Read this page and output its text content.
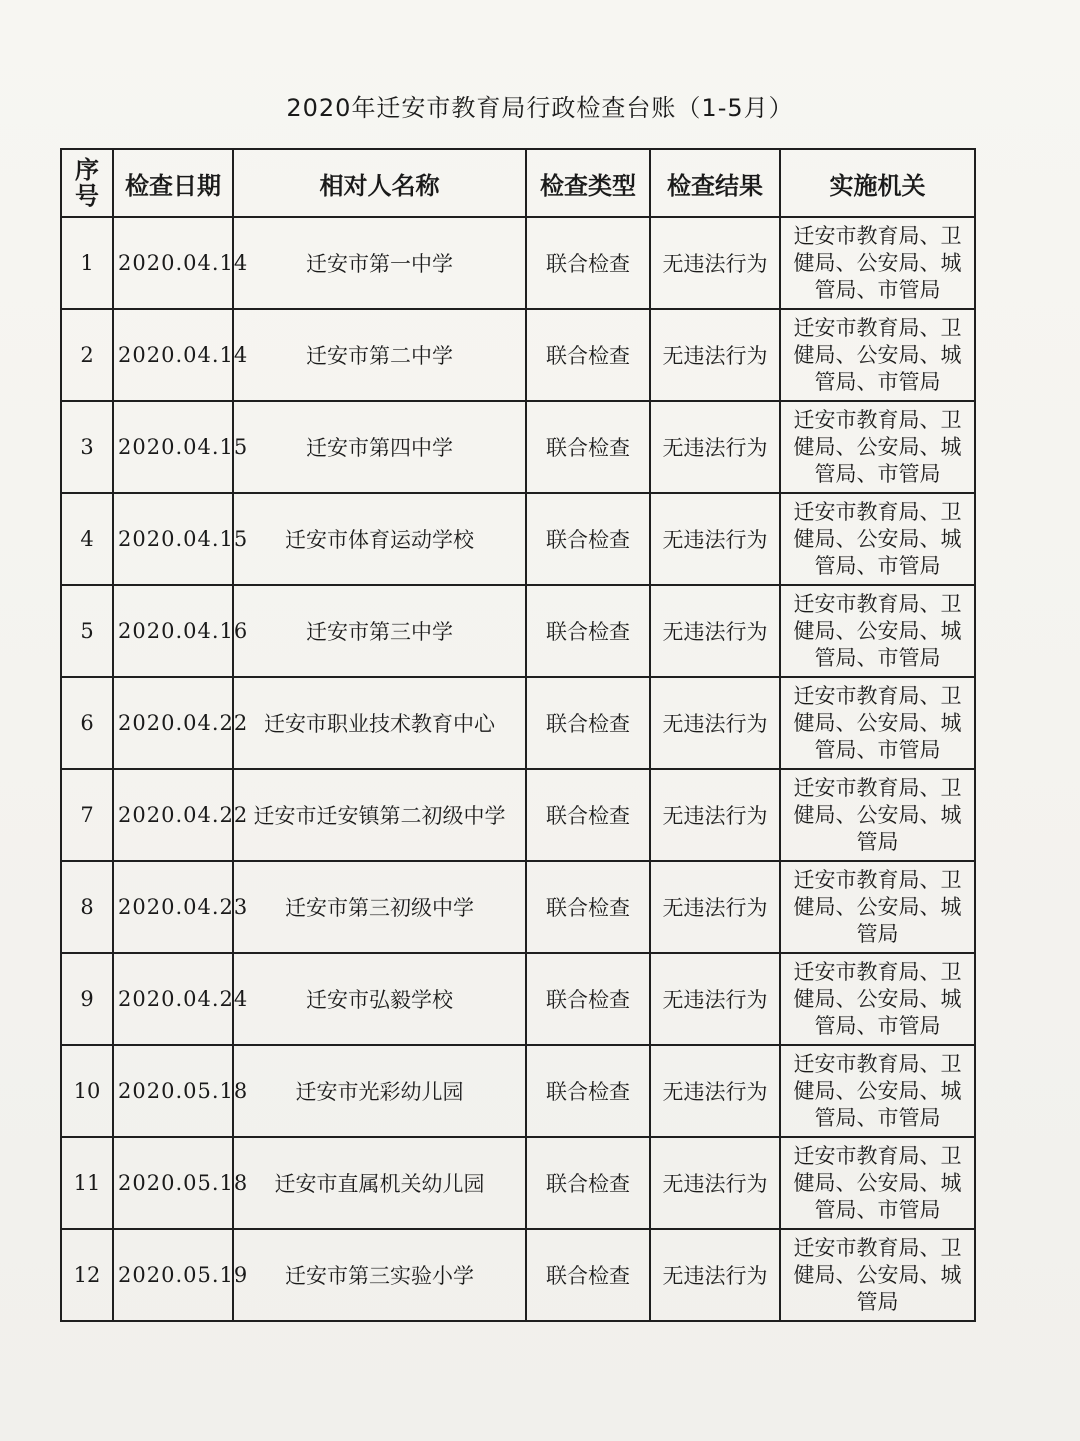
2020年迁安市教育局行政检查台账（1-5月）
序号	检查日期	相对人名称	检查类型	检查结果	实施机关
1	2020.04.14	迁安市第一中学	联合检查	无违法行为	迁安市教育局、卫健局、公安局、城管局、市管局
2	2020.04.14	迁安市第二中学	联合检查	无违法行为	迁安市教育局、卫健局、公安局、城管局、市管局
3	2020.04.15	迁安市第四中学	联合检查	无违法行为	迁安市教育局、卫健局、公安局、城管局、市管局
4	2020.04.15	迁安市体育运动学校	联合检查	无违法行为	迁安市教育局、卫健局、公安局、城管局、市管局
5	2020.04.16	迁安市第三中学	联合检查	无违法行为	迁安市教育局、卫健局、公安局、城管局、市管局
6	2020.04.22	迁安市职业技术教育中心	联合检查	无违法行为	迁安市教育局、卫健局、公安局、城管局、市管局
7	2020.04.22	迁安市迁安镇第二初级中学	联合检查	无违法行为	迁安市教育局、卫健局、公安局、城管局
8	2020.04.23	迁安市第三初级中学	联合检查	无违法行为	迁安市教育局、卫健局、公安局、城管局
9	2020.04.24	迁安市弘毅学校	联合检查	无违法行为	迁安市教育局、卫健局、公安局、城管局、市管局
10	2020.05.18	迁安市光彩幼儿园	联合检查	无违法行为	迁安市教育局、卫健局、公安局、城管局、市管局
11	2020.05.18	迁安市直属机关幼儿园	联合检查	无违法行为	迁安市教育局、卫健局、公安局、城管局、市管局
12	2020.05.19	迁安市第三实验小学	联合检查	无违法行为	迁安市教育局、卫健局、公安局、城管局
